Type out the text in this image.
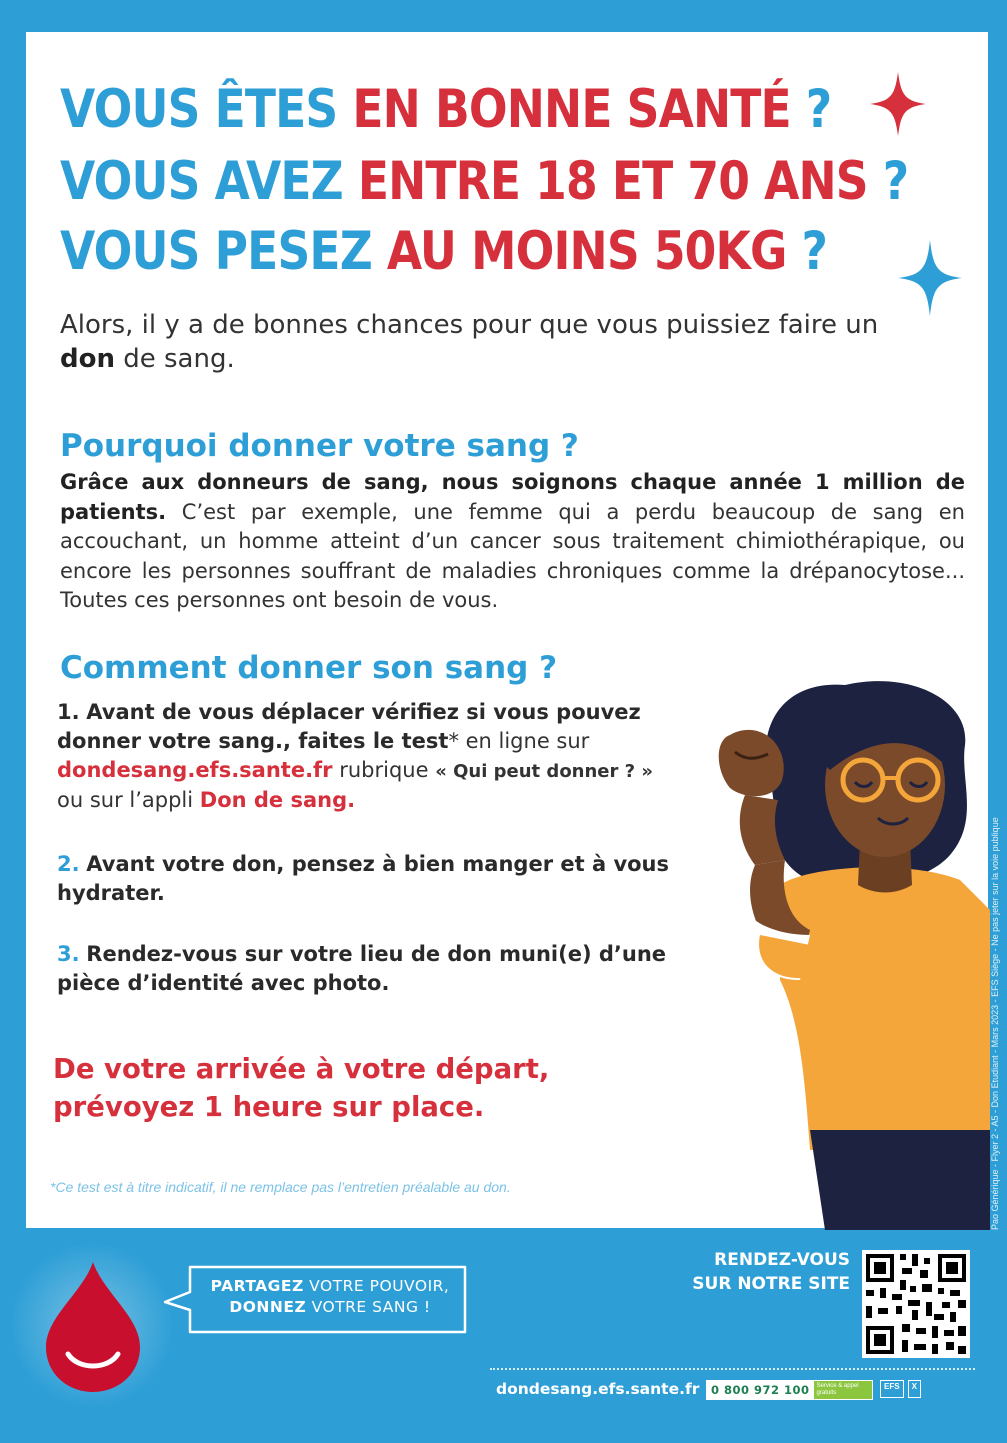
VOUS ÊTES EN BONNE SANTÉ ?
VOUS AVEZ ENTRE 18 ET 70 ANS ?
VOUS PESEZ AU MOINS 50KG ?
Alors, il y a de bonnes chances pour que vous puissiez faire un don de sang.
Pourquoi donner votre sang ?
Grâce aux donneurs de sang, nous soignons chaque année 1 million de patients. C’est par exemple, une femme qui a perdu beaucoup de sang en accouchant, un homme atteint d’un cancer sous traitement chimiothérapique, ou encore les personnes souffrant de maladies chroniques comme la drépanocytose... Toutes ces personnes ont besoin de vous.
Comment donner son sang ?
1. Avant de vous déplacer vérifiez si vous pouvez donner votre sang., faites le test* en ligne sur dondesang.efs.sante.fr rubrique « Qui peut donner ? » ou sur l’appli Don de sang.
2. Avant votre don, pensez à bien manger et à vous hydrater.
3. Rendez-vous sur votre lieu de don muni(e) d’une pièce d’identité avec photo.
De votre arrivée à votre départ, prévoyez 1 heure sur place.
*Ce test est à titre indicatif, il ne remplace pas l’entretien préalable au don.	Pao Générique - Flyer 2 - A5 - Don Etudiant - Mars 2023 - EFS Siège - Ne pas jeter sur la voie publique
PARTAGEZ VOTRE POUVOIR,
DONNEZ VOTRE SANG !
RENDEZ-VOUS SUR NOTRE SITE
dondesang.efs.sante.fr	0 800 972 100	Service & appel gratuits
EFS	X
